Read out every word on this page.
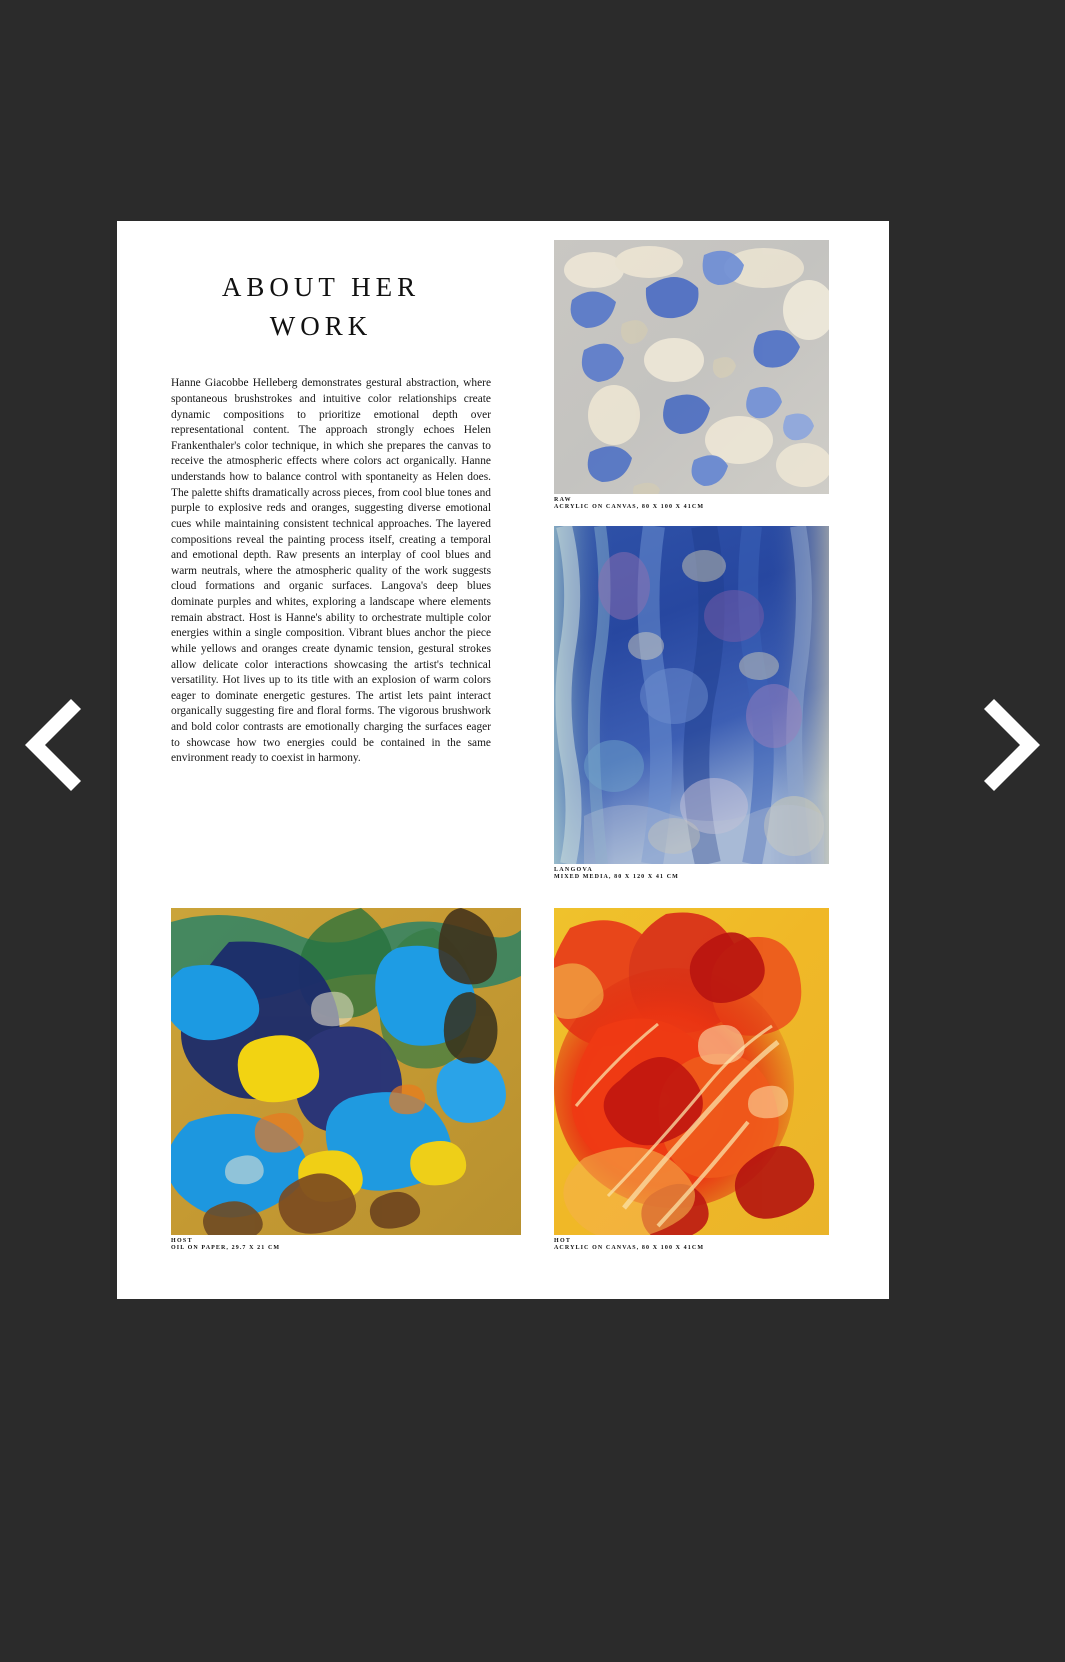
ABOUT HER WORK

Hanne Giacobbe Helleberg demonstrates gestural abstraction, where spontaneous brushstrokes and intuitive color relationships create dynamic compositions to prioritize emotional depth over representational content. The approach strongly echoes Helen Frankenthaler's color technique, in which she prepares the canvas to receive the atmospheric effects where colors act organically. Hanne understands how to balance control with spontaneity as Helen does. The palette shifts dramatically across pieces, from cool blue tones and purple to explosive reds and oranges, suggesting diverse emotional cues while maintaining consistent technical approaches. The layered compositions reveal the painting process itself, creating a temporal and emotional depth. Raw presents an interplay of cool blues and warm neutrals, where the atmospheric quality of the work suggests cloud formations and organic surfaces. Langova's deep blues dominate purples and whites, exploring a landscape where elements remain abstract. Host is Hanne's ability to orchestrate multiple color energies within a single composition. Vibrant blues anchor the piece while yellows and oranges create dynamic tension, gestural strokes allow delicate color interactions showcasing the artist's technical versatility. Hot lives up to its title with an explosion of warm colors eager to dominate energetic gestures. The artist lets paint interact organically suggesting fire and floral forms. The vigorous brushwork and bold color contrasts are emotionally charging the surfaces eager to showcase how two energies could be contained in the same environment ready to coexist in harmony.

RAW

ACRYLIC ON CANVAS, 80 X 100 X 41CM

LANGOVA

MIXED MEDIA, 80 X 120 X 41 CM

HOST

OIL ON PAPER, 29.7 X 21 CM

HOT

ACRYLIC ON CANVAS, 80 X 100 X 41CM
